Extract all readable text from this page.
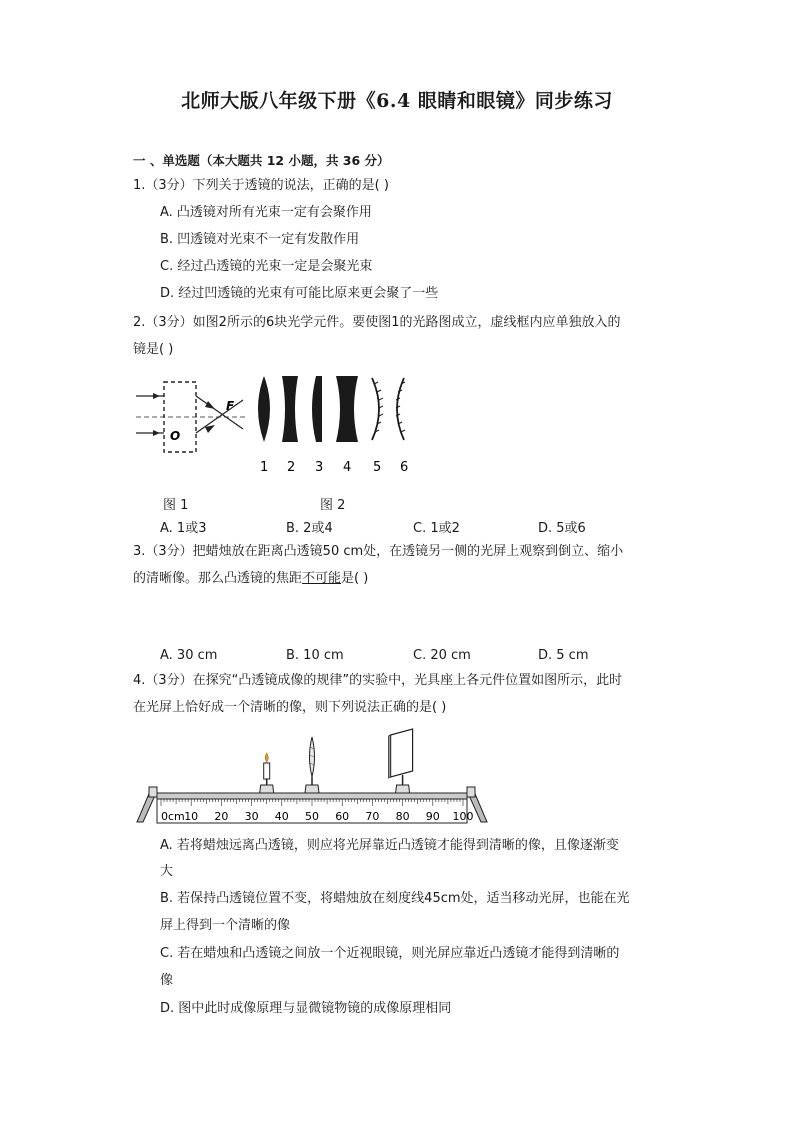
北师大版八年级下册《6.4 眼睛和眼镜》同步练习
一 、单选题（本大题共 12 小题，共 36 分）
1.（3分）下列关于透镜的说法，正确的是( )
A. 凸透镜对所有光束一定有会聚作用
B. 凹透镜对光束不一定有发散作用
C. 经过凸透镜的光束一定是会聚光束
D. 经过凹透镜的光束有可能比原来更会聚了一些
2.（3分）如图2所示的6块光学元件。要使图1的光路图成立，虚线框内应单独放入的
镜是( )
F
O
1 2 3 4 5 6
图 1	图 2
A. 1或3	B. 2或4	C. 1或2	D. 5或6
3.（3分）把蜡烛放在距离凸透镜50 cm处，在透镜另一侧的光屏上观察到倒立、缩小
的清晰像。那么凸透镜的焦距不可能是( )
A. 30 cm	B. 10 cm	C. 20 cm	D. 5 cm
4.（3分）在探究“凸透镜成像的规律”的实验中，光具座上各元件位置如图所示，此时
在光屏上恰好成一个清晰的像，则下列说法正确的是( )
0cm 10 20 30 40 50 60 70 80 90 100
A. 若将蜡烛远离凸透镜，则应将光屏靠近凸透镜才能得到清晰的像，且像逐渐变
大
B. 若保持凸透镜位置不变，将蜡烛放在刻度线45cm处，适当移动光屏，也能在光
屏上得到一个清晰的像
C. 若在蜡烛和凸透镜之间放一个近视眼镜，则光屏应靠近凸透镜才能得到清晰的
像
D. 图中此时成像原理与显微镜物镜的成像原理相同
